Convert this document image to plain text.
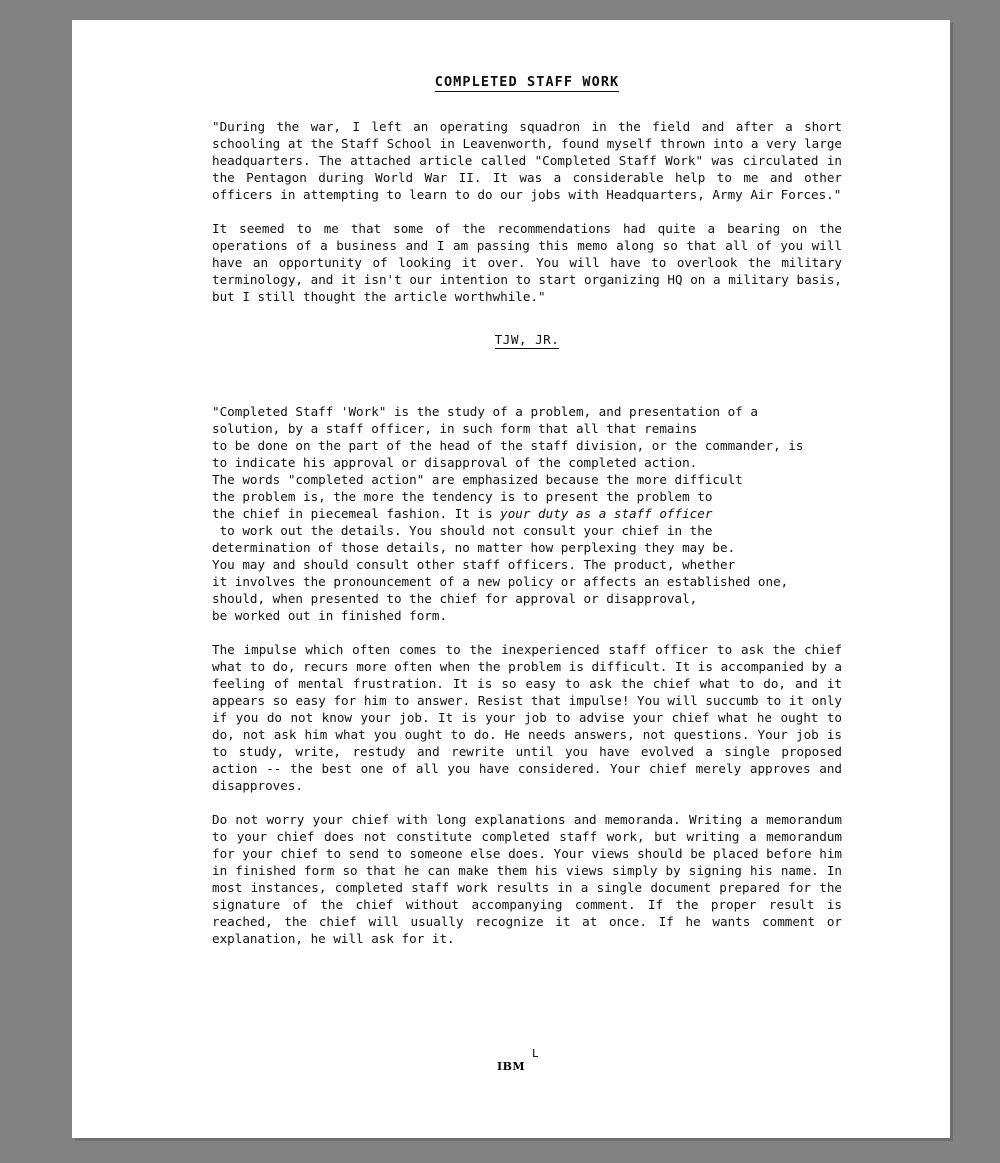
COMPLETED STAFF WORK

"During the war, I left an operating squadron in the field and after a short schooling at the Staff School in Leavenworth, found myself thrown into a very large headquarters. The attached article called "Completed Staff Work" was circulated in the Pentagon during World War II. It was a considerable help to me and other officers in attempting to learn to do our jobs with Headquarters, Army Air Forces."

It seemed to me that some of the recommendations had quite a bearing on the operations of a business and I am passing this memo along so that all of you will have an opportunity of looking it over. You will have to overlook the military terminology, and it isn't our intention to start organizing HQ on a military basis, but I still thought the article worthwhile."

TJW, JR.

"Completed Staff 'Work" is the study of a problem, and presentation of a
solution, by a staff officer, in such form that all that remains
to be done on the part of the head of the staff division, or the commander, is
to indicate his approval or disapproval of the completed action.
The words "completed action" are emphasized because the more difficult
the problem is, the more the tendency is to present the problem to
the chief in piecemeal fashion. It is your duty as a staff officer
to work out the details. You should not consult your chief in the
determination of those details, no matter how perplexing they may be.
You may and should consult other staff officers. The product, whether
it involves the pronouncement of a new policy or affects an established one,
should, when presented to the chief for approval or disapproval,
be worked out in finished form.

The impulse which often comes to the inexperienced staff officer to ask the chief what to do, recurs more often when the problem is difficult. It is accompanied by a feeling of mental frustration. It is so easy to ask the chief what to do, and it appears so easy for him to answer. Resist that impulse! You will succumb to it only if you do not know your job. It is your job to advise your chief what he ought to do, not ask him what you ought to do. He needs answers, not questions. Your job is to study, write, restudy and rewrite until you have evolved a single proposed action -- the best one of all you have considered. Your chief merely approves and disapproves.

Do not worry your chief with long explanations and memoranda. Writing a memorandum to your chief does not constitute completed staff work, but writing a memorandum for your chief to send to someone else does. Your views should be placed before him in finished form so that he can make them his views simply by signing his name. In most instances, completed staff work results in a single document prepared for the signature of the chief without accompanying comment. If the proper result is reached, the chief will usually recognize it at once. If he wants comment or explanation, he will ask for it.

IBM
L
